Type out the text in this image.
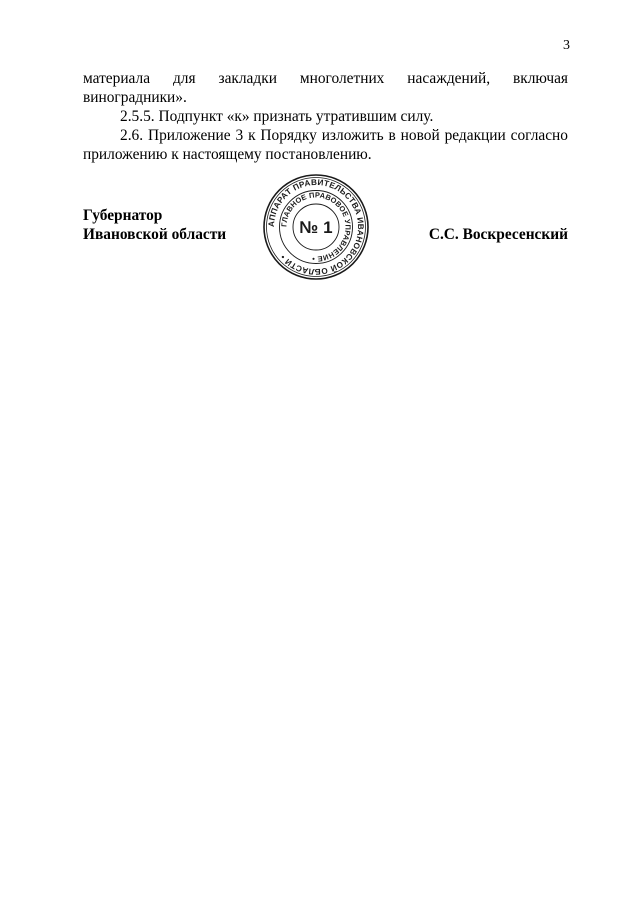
3

материала для закладки многолетних насаждений, включая

виноградники».

2.5.5. Подпункт «к» признать утратившим силу.

2.6. Приложение 3 к Порядку изложить в новой редакции согласно приложению к настоящему постановлению.

Губернатор
Ивановской области	С.С. Воскресенский
АППАРАТ ПРАВИТЕЛЬСТВА ИВАНОВСКОЙ ОБЛАСТИ •
ГЛАВНОЕ ПРАВОВОЕ УПРАВЛЕНИЕ •
№ 1
